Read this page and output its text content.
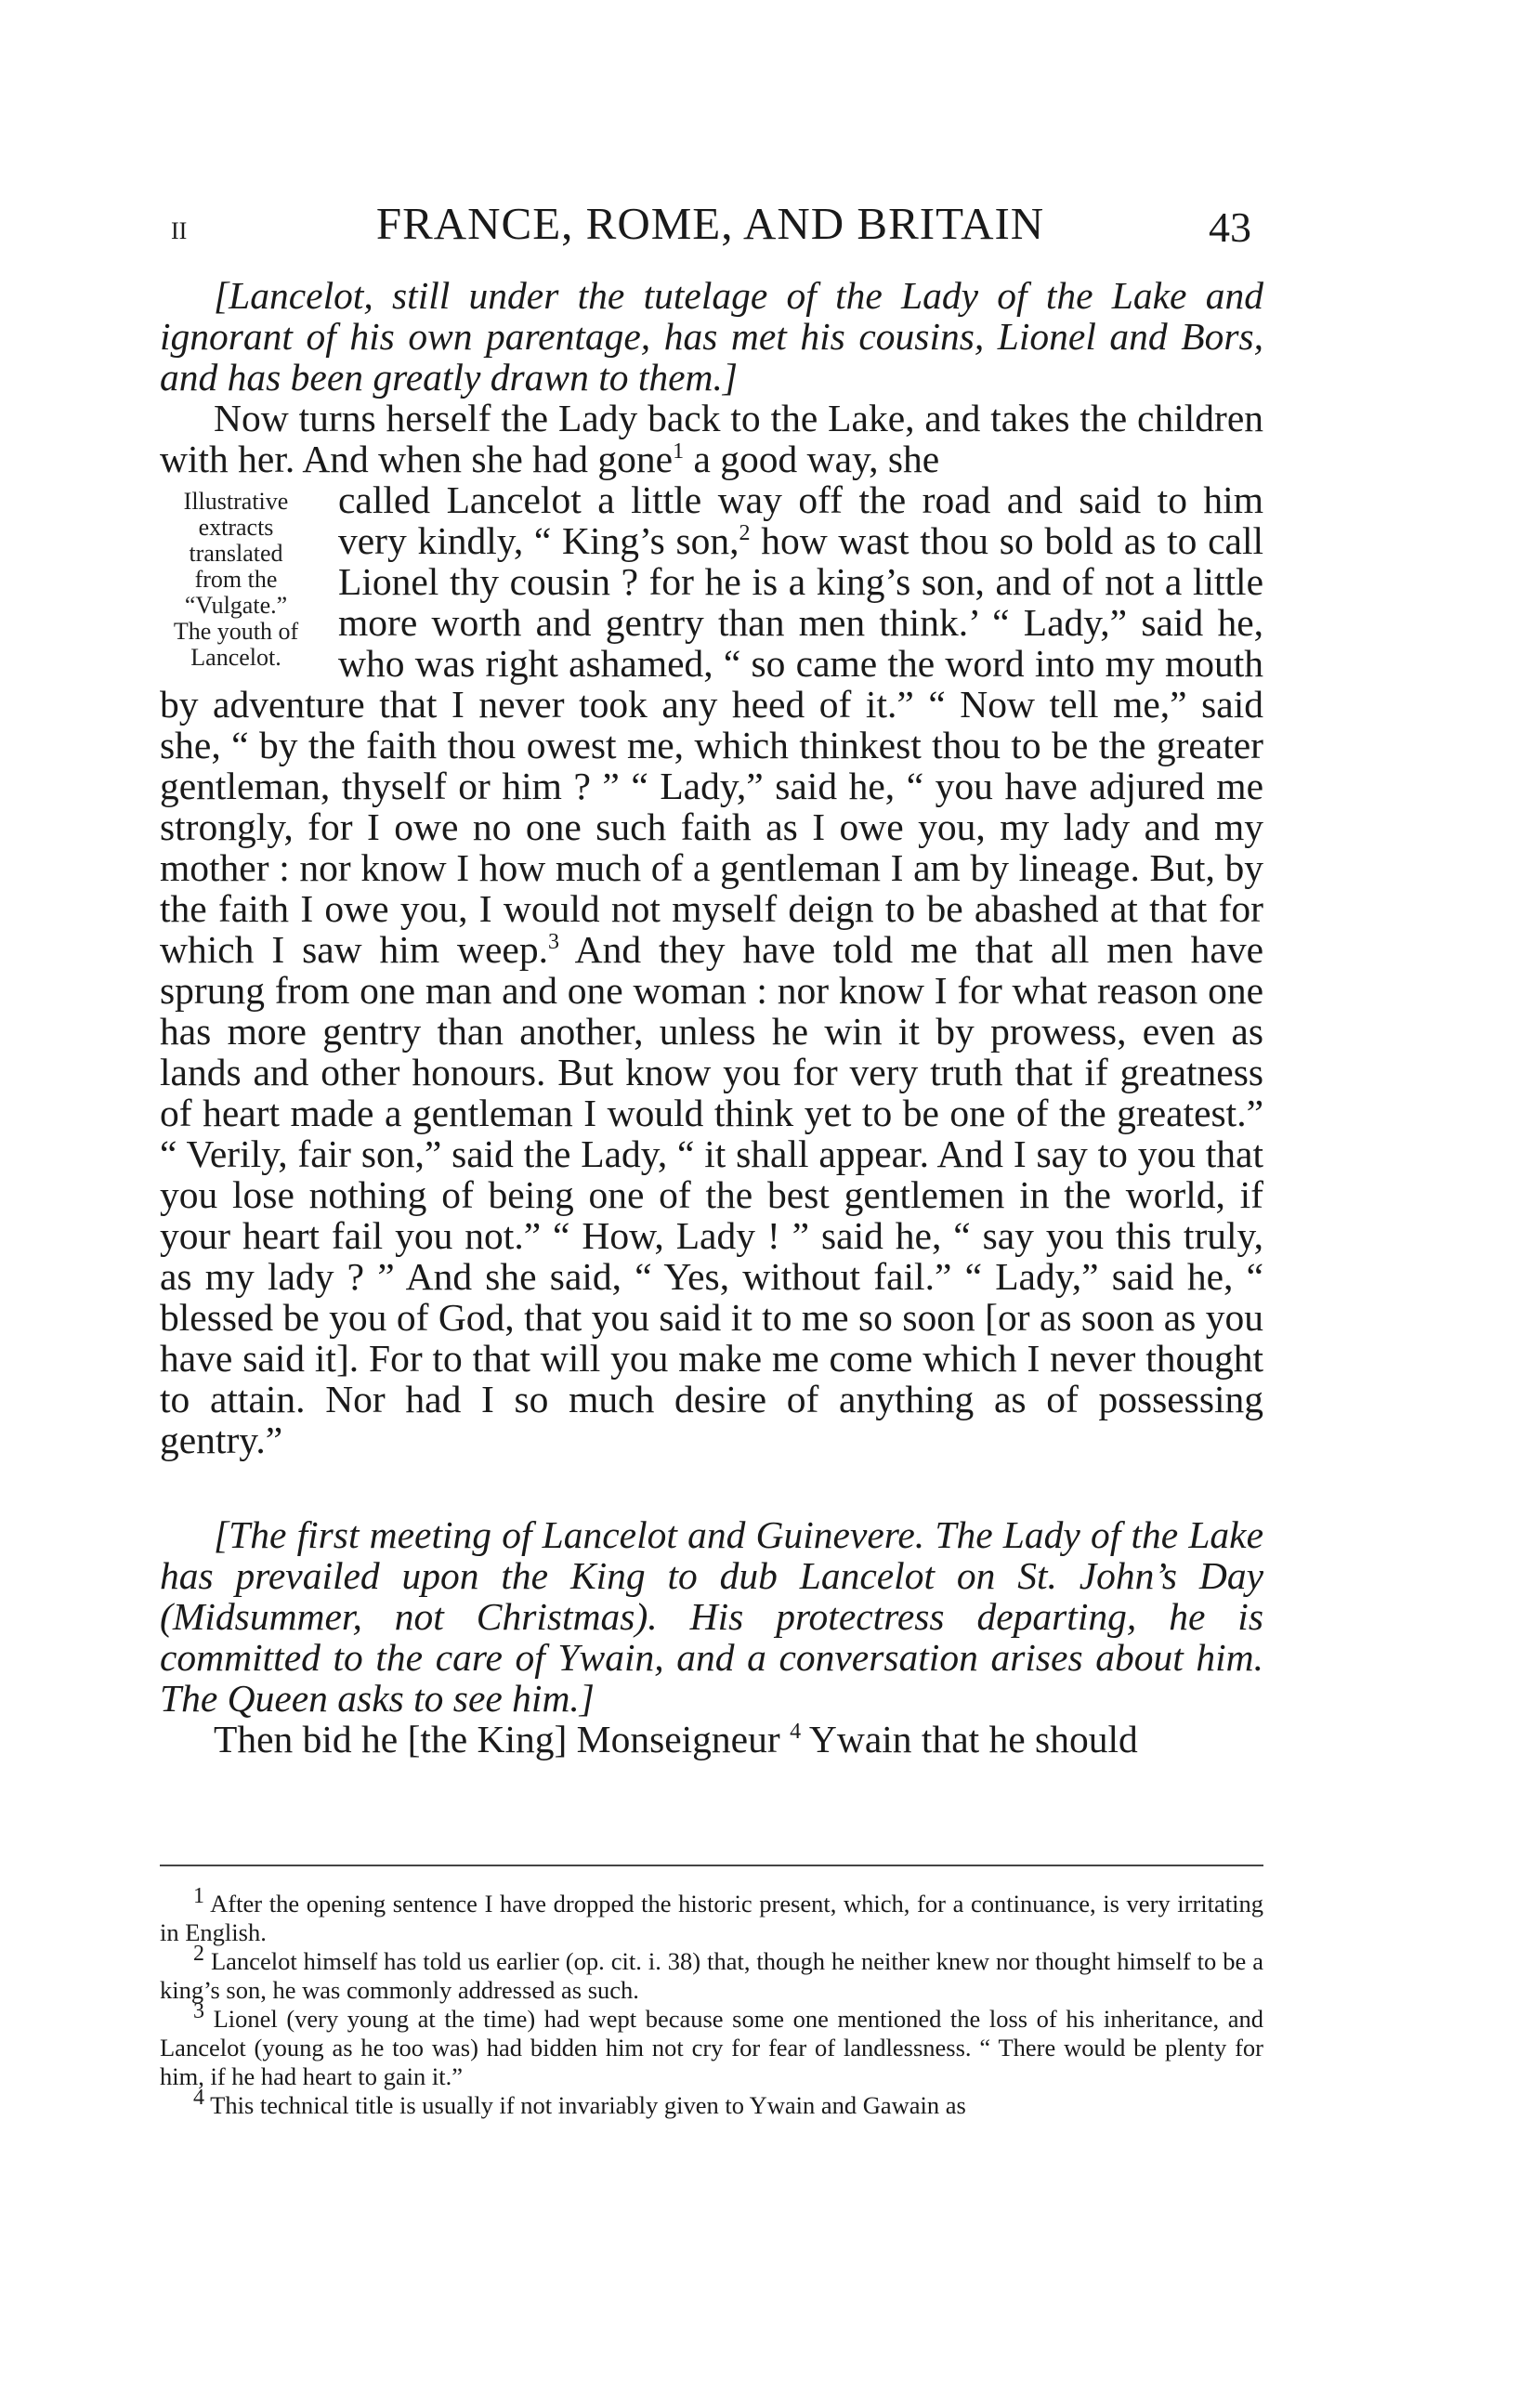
II	FRANCE, ROME, AND BRITAIN	43

[Lancelot, still under the tutelage of the Lady of the Lake and ignorant of his own parentage, has met his cousins, Lionel and Bors, and has been greatly drawn to them.]

Now turns herself the Lady back to the Lake, and takes the children with her. And when she had gone$^1$ a good way, she

Illustrative
extracts
translated
from the
“Vulgate.”
The youth of
Lancelot.

called Lancelot a little way off the road and said to him very kindly, “ King’s son,$^2$ how wast thou so bold as to call Lionel thy cousin ? for he is a king’s son, and of not a little more worth and gentry than men think.’ “ Lady,” said he, who was right ashamed, “ so came the word into my mouth by adventure that I never took any heed of it.” “ Now tell me,” said she, “ by the faith thou owest me, which thinkest thou to be the greater gentleman, thyself or him ? ” “ Lady,” said he, “ you have adjured me strongly, for I owe no one such faith as I owe you, my lady and my mother : nor know I how much of a gentleman I am by lineage. But, by the faith I owe you, I would not myself deign to be abashed at that for which I saw him weep.$^3$ And they have told me that all men have sprung from one man and one woman : nor know I for what reason one has more gentry than another, unless he win it by prowess, even as lands and other honours. But know you for very truth that if greatness of heart made a gentleman I would think yet to be one of the greatest.” “ Verily, fair son,” said the Lady, “ it shall appear. And I say to you that you lose nothing of being one of the best gentlemen in the world, if your heart fail you not.” “ How, Lady ! ” said he, “ say you this truly, as my lady ? ” And she said, “ Yes, without fail.” “ Lady,” said he, “ blessed be you of God, that you said it to me so soon [or as soon as you have said it]. For to that will you make me come which I never thought to attain. Nor had I so much desire of anything as of possessing gentry.”

[The first meeting of Lancelot and Guinevere. The Lady of the Lake has prevailed upon the King to dub Lancelot on St. John’s Day (Midsummer, not Christmas). His protectress departing, he is committed to the care of Ywain, and a conversation arises about him. The Queen asks to see him.]

Then bid he [the King] Monseigneur $^4$ Ywain that he should

1 After the opening sentence I have dropped the historic present, which, for a continuance, is very irritating in English.

2 Lancelot himself has told us earlier (op. cit. i. 38) that, though he neither knew nor thought himself to be a king’s son, he was commonly addressed as such.

3 Lionel (very young at the time) had wept because some one mentioned the loss of his inheritance, and Lancelot (young as he too was) had bidden him not cry for fear of landlessness. “ There would be plenty for him, if he had heart to gain it.”

4 This technical title is usually if not invariably given to Ywain and Gawain as
